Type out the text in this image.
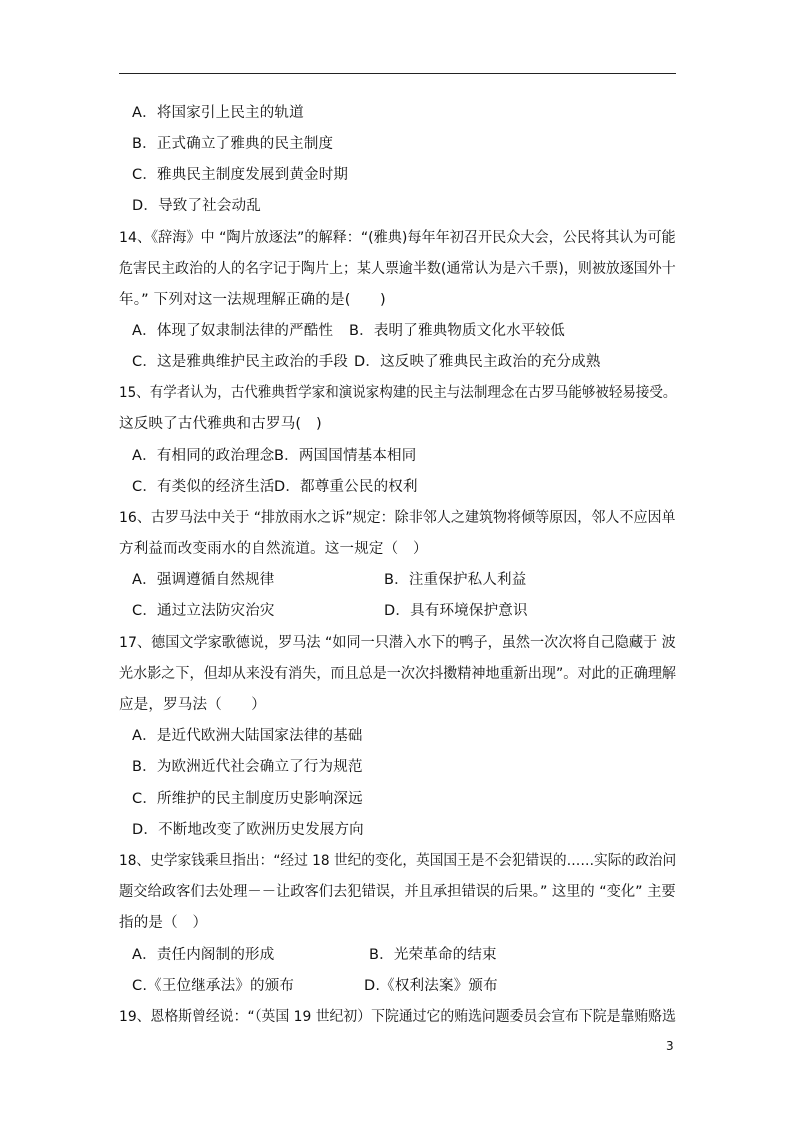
A．将国家引上民主的轨道
B．正式确立了雅典的民主制度
C．雅典民主制度发展到黄金时期
D．导致了社会动乱
14、《辞海》中 “陶片放逐法”的解释：“(雅典)每年年初召开民众大会，公民将其认为可能
危害民主政治的人的名字记于陶片上；某人票逾半数(通常认为是六千票)，则被放逐国外十
年。” 下列对这一法规理解正确的是(　　)
A．体现了奴隶制法律的严酷性 B．表明了雅典物质文化水平较低
C．这是雅典维护民主政治的手段 D．这反映了雅典民主政治的充分成熟
15、有学者认为，古代雅典哲学家和演说家构建的民主与法制理念在古罗马能够被轻易接受。
这反映了古代雅典和古罗马(　)
A．有相同的政治理念 B．两国国情基本相同
C．有类似的经济生活 D．都尊重公民的权利
16、古罗马法中关于 “排放雨水之诉”规定：除非邻人之建筑物将倾等原因，邻人不应因单
方利益而改变雨水的自然流道。这一规定（　）
A．强调遵循自然规律	B．注重保护私人利益
C．通过立法防灾治灾	D．具有环境保护意识
17、德国文学家歌德说，罗马法 “如同一只潜入水下的鸭子，虽然一次次将自己隐藏于 波
光水影之下，但却从来没有消失，而且总是一次次抖擞精神地重新出现”。对此的正确理解
应是，罗马法（　　）
A．是近代欧洲大陆国家法律的基础
B．为欧洲近代社会确立了行为规范
C．所维护的民主制度历史影响深远
D．不断地改变了欧洲历史发展方向
18、史学家钱乘旦指出：“经过 18 世纪的变化，英国国王是不会犯错误的……实际的政治问
题交给政客们去处理－－让政客们去犯错误，并且承担错误的后果。” 这里的 “变化” 主要
指的是（　）
A．责任内阁制的形成	B．光荣革命的结束
C.《王位继承法》的颁布	D.《权利法案》颁布
19、恩格斯曾经说：“（英国 19 世纪初）下院通过它的贿选问题委员会宣布下院是靠贿赂选
3
